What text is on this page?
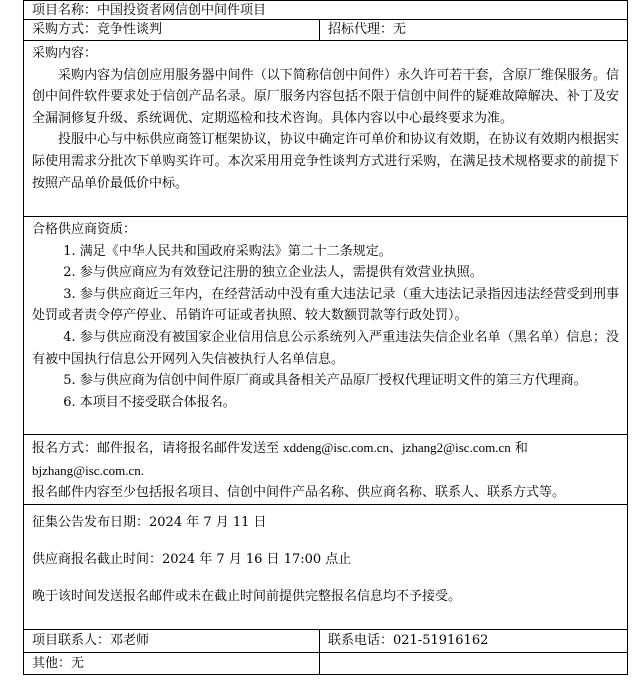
项目名称：中国投资者网信创中间件项目
采购方式：竞争性谈判	招标代理：无

采购内容：

采购内容为信创应用服务器中间件（以下简称信创中间件）永久许可若干套，含原厂维保服务。信创中间件软件要求处于信创产品名录。原厂服务内容包括不限于信创中间件的疑难故障解决、补丁及安全漏洞修复升级、系统调优、定期巡检和技术咨询。具体内容以中心最终要求为准。

投服中心与中标供应商签订框架协议，协议中确定许可单价和协议有效期，在协议有效期内根据实际使用需求分批次下单购买许可。本次采用用竞争性谈判方式进行采购，在满足技术规格要求的前提下按照产品单价最低价中标。

合格供应商资质：

1. 满足《中华人民共和国政府采购法》第二十二条规定。

2. 参与供应商应为有效登记注册的独立企业法人，需提供有效营业执照。

3. 参与供应商近三年内，在经营活动中没有重大违法记录（重大违法记录指因违法经营受到刑事处罚或者责令停产停业、吊销许可证或者执照、较大数额罚款等行政处罚）。

4. 参与供应商没有被国家企业信用信息公示系统列入严重违法失信企业名单（黑名单）信息；没有被中国执行信息公开网列入失信被执行人名单信息。

5. 参与供应商为信创中间件原厂商或具备相关产品原厂授权代理证明文件的第三方代理商。

6. 本项目不接受联合体报名。

报名方式：邮件报名，请将报名邮件发送至 xddeng@isc.com.cn、jzhang2@isc.com.cn 和 bjzhang@isc.com.cn.

报名邮件内容至少包括报名项目、信创中间件产品名称、供应商名称、联系人、联系方式等。

征集公告发布日期：2024 年 7 月 11 日

供应商报名截止时间：2024 年 7 月 16 日 17:00 点止

晚于该时间发送报名邮件或未在截止时间前提供完整报名信息均不予接受。

项目联系人：邓老师	联系电话：021-51916162
其他：无
